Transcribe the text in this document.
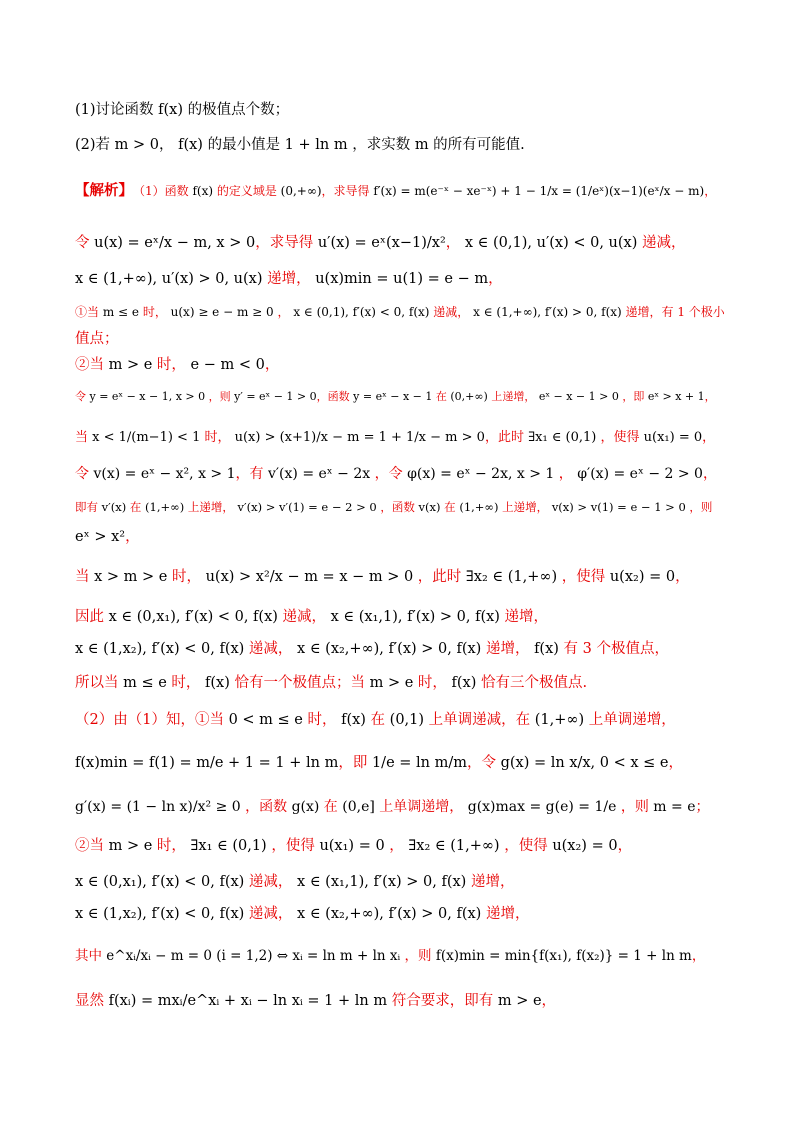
(1)讨论函数 f(x) 的极值点个数；
(2)若 m > 0， f(x) 的最小值是 1 + ln m ，求实数 m 的所有可能值.
【解析】 （1）函数 f(x) 的定义域是 (0,+∞)，求导得 f′(x) = m(e⁻ˣ − xe⁻ˣ) + 1 − 1/x = (1/eˣ)(x−1)(eˣ/x − m)，
令 u(x) = eˣ/x − m, x > 0，求导得 u′(x) = eˣ(x−1)/x²， x ∈ (0,1), u′(x) < 0, u(x) 递减，
x ∈ (1,+∞), u′(x) > 0, u(x) 递增， u(x)min = u(1) = e − m，
①当 m ≤ e 时， u(x) ≥ e − m ≥ 0 ， x ∈ (0,1), f′(x) < 0, f(x) 递减， x ∈ (1,+∞), f′(x) > 0, f(x) 递增，有 1 个极小
值点；
②当 m > e 时， e − m < 0，
令 y = eˣ − x − 1, x > 0 ，则 y′ = eˣ − 1 > 0，函数 y = eˣ − x − 1 在 (0,+∞) 上递增， eˣ − x − 1 > 0 ，即 eˣ > x + 1，
当 x < 1/(m−1) < 1 时， u(x) > (x+1)/x − m = 1 + 1/x − m > 0，此时 ∃x₁ ∈ (0,1) ，使得 u(x₁) = 0，
令 v(x) = eˣ − x², x > 1，有 v′(x) = eˣ − 2x ，令 φ(x) = eˣ − 2x, x > 1 ， φ′(x) = eˣ − 2 > 0，
即有 v′(x) 在 (1,+∞) 上递增， v′(x) > v′(1) = e − 2 > 0 ，函数 v(x) 在 (1,+∞) 上递增， v(x) > v(1) = e − 1 > 0 ，则
eˣ > x²，
当 x > m > e 时， u(x) > x²/x − m = x − m > 0 ，此时 ∃x₂ ∈ (1,+∞) ，使得 u(x₂) = 0，
因此 x ∈ (0,x₁), f′(x) < 0, f(x) 递减， x ∈ (x₁,1), f′(x) > 0, f(x) 递增，
x ∈ (1,x₂), f′(x) < 0, f(x) 递减， x ∈ (x₂,+∞), f′(x) > 0, f(x) 递增， f(x) 有 3 个极值点，
所以当 m ≤ e 时， f(x) 恰有一个极值点；当 m > e 时， f(x) 恰有三个极值点.
（2）由（1）知，①当 0 < m ≤ e 时， f(x) 在 (0,1) 上单调递减，在 (1,+∞) 上单调递增，
f(x)min = f(1) = m/e + 1 = 1 + ln m，即 1/e = ln m/m，令 g(x) = ln x/x, 0 < x ≤ e，
g′(x) = (1 − ln x)/x² ≥ 0 ，函数 g(x) 在 (0,e] 上单调递增， g(x)max = g(e) = 1/e ，则 m = e；
②当 m > e 时， ∃x₁ ∈ (0,1) ，使得 u(x₁) = 0 ， ∃x₂ ∈ (1,+∞) ，使得 u(x₂) = 0，
x ∈ (0,x₁), f′(x) < 0, f(x) 递减， x ∈ (x₁,1), f′(x) > 0, f(x) 递增，
x ∈ (1,x₂), f′(x) < 0, f(x) 递减， x ∈ (x₂,+∞), f′(x) > 0, f(x) 递增，
其中 e^xᵢ/xᵢ − m = 0 (i = 1,2) ⇔ xᵢ = ln m + ln xᵢ ，则 f(x)min = min{f(x₁), f(x₂)} = 1 + ln m，
显然 f(xᵢ) = mxᵢ/e^xᵢ + xᵢ − ln xᵢ = 1 + ln m 符合要求，即有 m > e，
